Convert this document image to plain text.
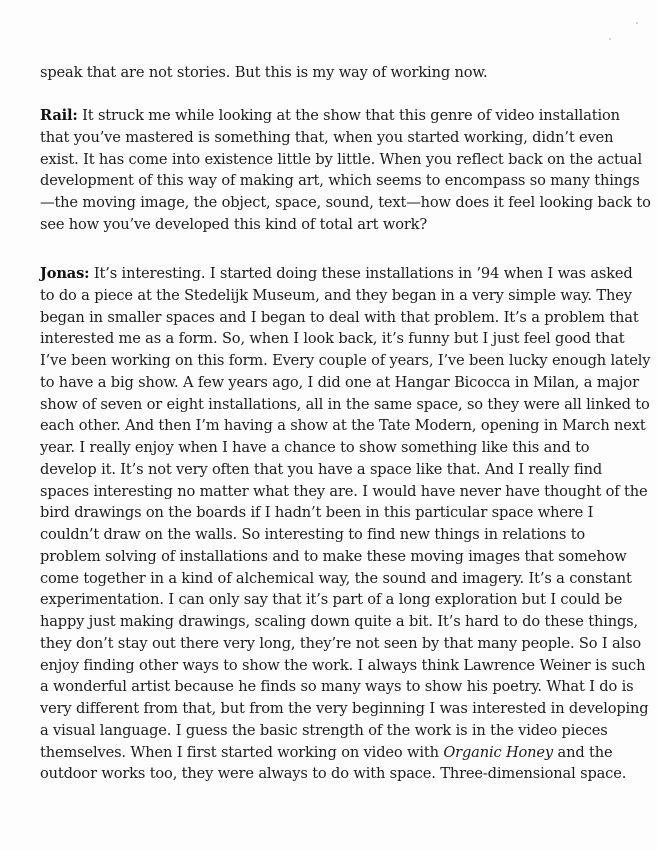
speak that are not stories. But this is my way of working now.
Rail: It struck me while looking at the show that this genre of video installation
that you’ve mastered is something that, when you started working, didn’t even
exist. It has come into existence little by little. When you reflect back on the actual
development of this way of making art, which seems to encompass so many things
—the moving image, the object, space, sound, text—how does it feel looking back to
see how you’ve developed this kind of total art work?
Jonas: It’s interesting. I started doing these installations in ’94 when I was asked
to do a piece at the Stedelijk Museum, and they began in a very simple way. They
began in smaller spaces and I began to deal with that problem. It’s a problem that
interested me as a form. So, when I look back, it’s funny but I just feel good that
I’ve been working on this form. Every couple of years, I’ve been lucky enough lately
to have a big show. A few years ago, I did one at Hangar Bicocca in Milan, a major
show of seven or eight installations, all in the same space, so they were all linked to
each other. And then I’m having a show at the Tate Modern, opening in March next
year. I really enjoy when I have a chance to show something like this and to
develop it. It’s not very often that you have a space like that. And I really find
spaces interesting no matter what they are. I would have never have thought of the
bird drawings on the boards if I hadn’t been in this particular space where I
couldn’t draw on the walls. So interesting to find new things in relations to
problem solving of installations and to make these moving images that somehow
come together in a kind of alchemical way, the sound and imagery. It’s a constant
experimentation. I can only say that it’s part of a long exploration but I could be
happy just making drawings, scaling down quite a bit. It’s hard to do these things,
they don’t stay out there very long, they’re not seen by that many people. So I also
enjoy finding other ways to show the work. I always think Lawrence Weiner is such
a wonderful artist because he finds so many ways to show his poetry. What I do is
very different from that, but from the very beginning I was interested in developing
a visual language. I guess the basic strength of the work is in the video pieces
themselves. When I first started working on video with Organic Honey and the
outdoor works too, they were always to do with space. Three-dimensional space.
